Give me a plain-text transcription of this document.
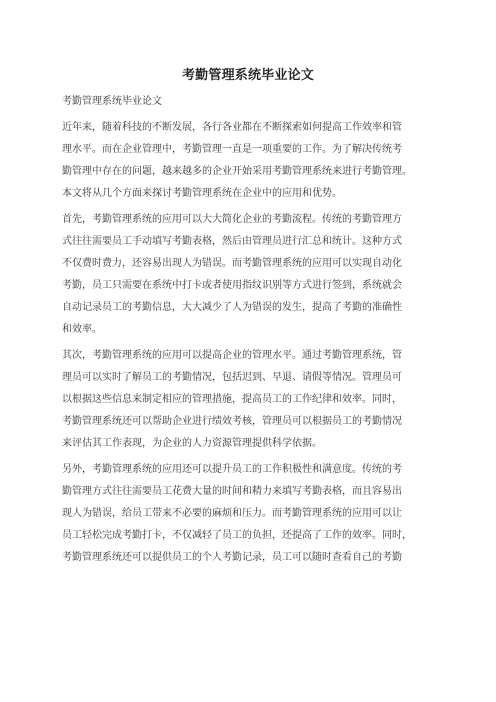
考勤管理系统毕业论文
考勤管理系统毕业论文
近年来，随着科技的不断发展，各行各业都在不断探索如何提高工作效率和管
理水平。而在企业管理中，考勤管理一直是一项重要的工作。为了解决传统考
勤管理中存在的问题，越来越多的企业开始采用考勤管理系统来进行考勤管理。
本文将从几个方面来探讨考勤管理系统在企业中的应用和优势。
首先，考勤管理系统的应用可以大大简化企业的考勤流程。传统的考勤管理方
式往往需要员工手动填写考勤表格，然后由管理员进行汇总和统计。这种方式
不仅费时费力，还容易出现人为错误。而考勤管理系统的应用可以实现自动化
考勤，员工只需要在系统中打卡或者使用指纹识别等方式进行签到，系统就会
自动记录员工的考勤信息，大大减少了人为错误的发生，提高了考勤的准确性
和效率。
其次，考勤管理系统的应用可以提高企业的管理水平。通过考勤管理系统，管
理员可以实时了解员工的考勤情况，包括迟到、早退、请假等情况。管理员可
以根据这些信息来制定相应的管理措施，提高员工的工作纪律和效率。同时，
考勤管理系统还可以帮助企业进行绩效考核，管理员可以根据员工的考勤情况
来评估其工作表现，为企业的人力资源管理提供科学依据。
另外，考勤管理系统的应用还可以提升员工的工作积极性和满意度。传统的考
勤管理方式往往需要员工花费大量的时间和精力来填写考勤表格，而且容易出
现人为错误，给员工带来不必要的麻烦和压力。而考勤管理系统的应用可以让
员工轻松完成考勤打卡，不仅减轻了员工的负担，还提高了工作的效率。同时，
考勤管理系统还可以提供员工的个人考勤记录，员工可以随时查看自己的考勤
